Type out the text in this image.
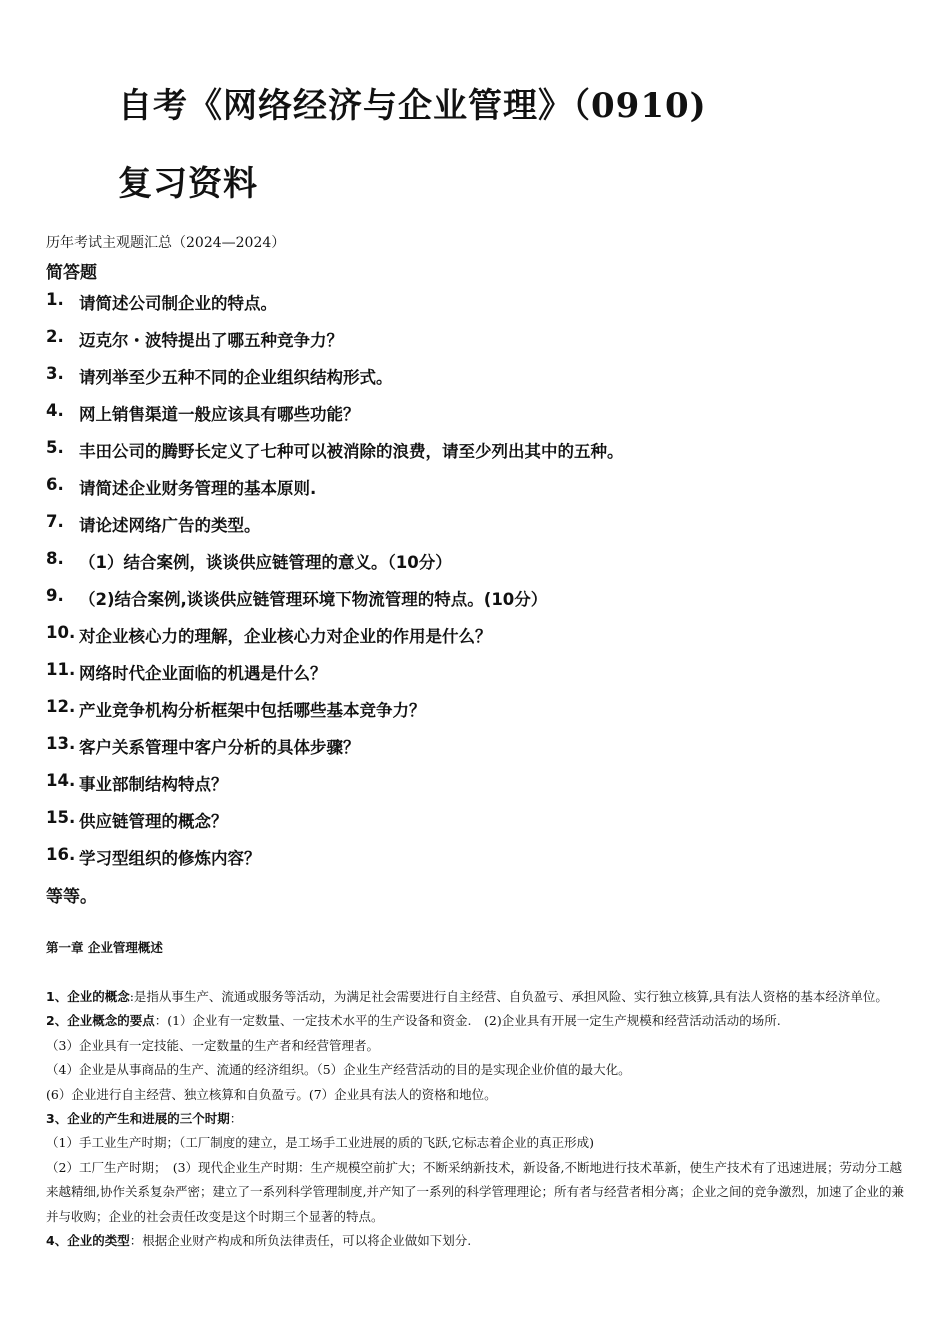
自考《网络经济与企业管理》（0910)
复习资料
历年考试主观题汇总（2024—2024）
简答题
1. 请简述公司制企业的特点。
2. 迈克尔・波特提出了哪五种竞争力？
3. 请列举至少五种不同的企业组织结构形式。
4. 网上销售渠道一般应该具有哪些功能？
5. 丰田公司的腾野长定义了七种可以被消除的浪费，请至少列出其中的五种。
6. 请简述企业财务管理的基本原则.
7. 请论述网络广告的类型。
8. （1）结合案例，谈谈供应链管理的意义。（10分）
9. （2)结合案例,谈谈供应链管理环境下物流管理的特点。(10分）
10. 对企业核心力的理解，企业核心力对企业的作用是什么？
11. 网络时代企业面临的机遇是什么？
12. 产业竞争机构分析框架中包括哪些基本竞争力？
13. 客户关系管理中客户分析的具体步骤？
14. 事业部制结构特点？
15. 供应链管理的概念？
16. 学习型组织的修炼内容？
等等。
第一章 企业管理概述

1、企业的概念:是指从事生产、流通或服务等活动，为满足社会需要进行自主经营、自负盈亏、承担风险、实行独立核算,具有法人资格的基本经济单位。

2、企业概念的要点：(1）企业有一定数量、一定技术水平的生产设备和资金.　(2)企业具有开展一定生产规模和经营活动活动的场所.

（3）企业具有一定技能、一定数量的生产者和经营管理者。

（4）企业是从事商品的生产、流通的经济组织。（5）企业生产经营活动的目的是实现企业价值的最大化。

(6）企业进行自主经营、独立核算和自负盈亏。(7）企业具有法人的资格和地位。

3、企业的产生和进展的三个时期：

（1）手工业生产时期；（工厂制度的建立，是工场手工业进展的质的飞跃,它标志着企业的真正形成)

（2）工厂生产时期；　(3）现代企业生产时期：生产规模空前扩大；不断采纳新技术，新设备,不断地进行技术革新，使生产技术有了迅速进展；劳动分工越来越精细,协作关系复杂严密；建立了一系列科学管理制度,并产知了一系列的科学管理理论；所有者与经营者相分离；企业之间的竞争激烈，加速了企业的兼并与收购；企业的社会责任改变是这个时期三个显著的特点。

4、企业的类型：根据企业财产构成和所负法律责任，可以将企业做如下划分.
